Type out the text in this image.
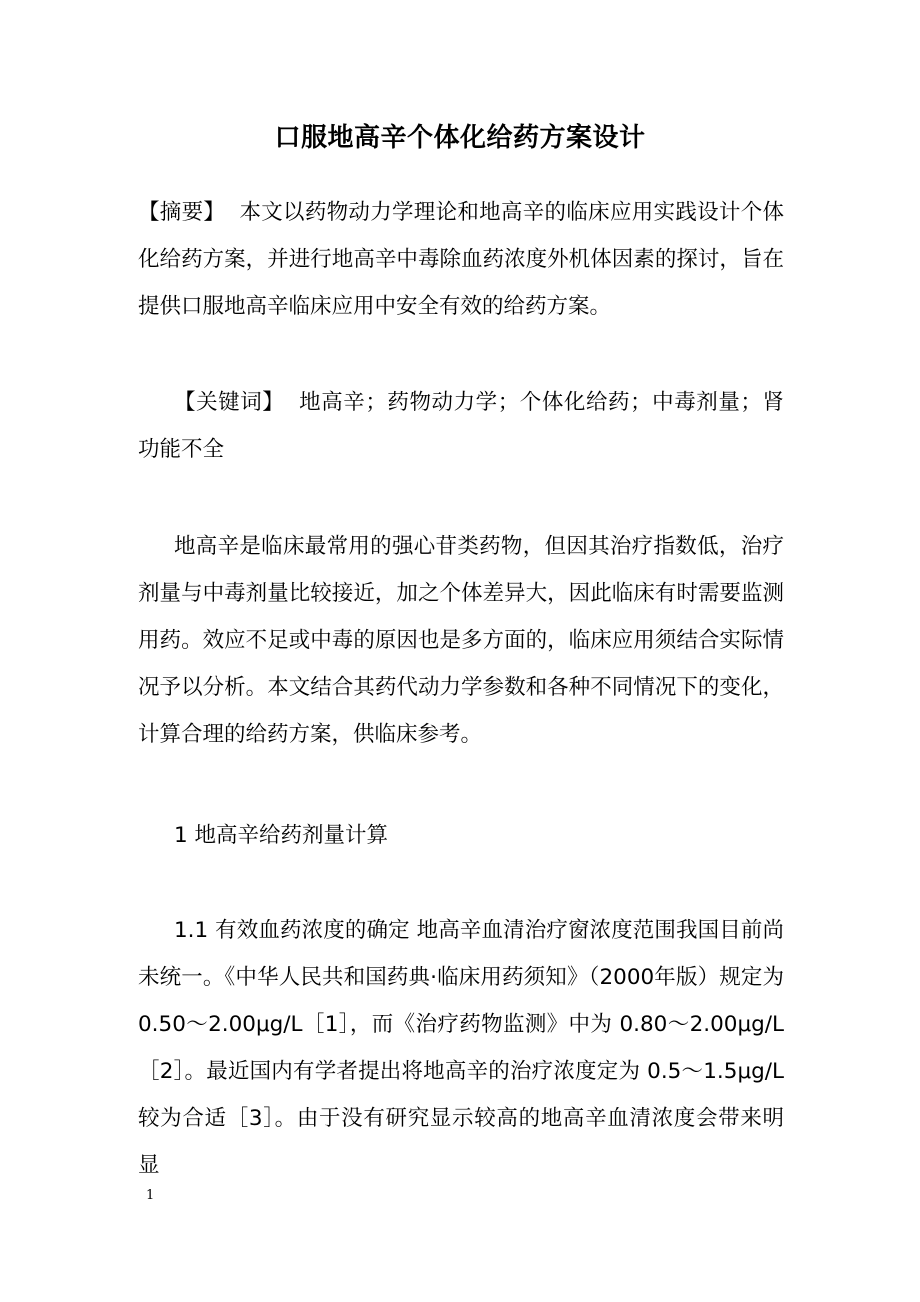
口服地高辛个体化给药方案设计
【摘要】 本文以药物动力学理论和地高辛的临床应用实践设计个体化给药方案，并进行地高辛中毒除血药浓度外机体因素的探讨，旨在提供口服地高辛临床应用中安全有效的给药方案。
【关键词】 地高辛；药物动力学；个体化给药；中毒剂量；肾功能不全
地高辛是临床最常用的强心苷类药物，但因其治疗指数低，治疗剂量与中毒剂量比较接近，加之个体差异大，因此临床有时需要监测用药。效应不足或中毒的原因也是多方面的，临床应用须结合实际情况予以分析。本文结合其药代动力学参数和各种不同情况下的变化，计算合理的给药方案，供临床参考。
1 地高辛给药剂量计算
1.1 有效血药浓度的确定 地高辛血清治疗窗浓度范围我国目前尚未统一。《中华人民共和国药典·临床用药须知》（2000年版）规定为 0.50～2.00μg/L［1］，而《治疗药物监测》中为 0.80～2.00μg/L［2］。最近国内有学者提出将地高辛的治疗浓度定为 0.5～1.5μg/L 较为合适［3］。由于没有研究显示较高的地高辛血清浓度会带来明显
1
